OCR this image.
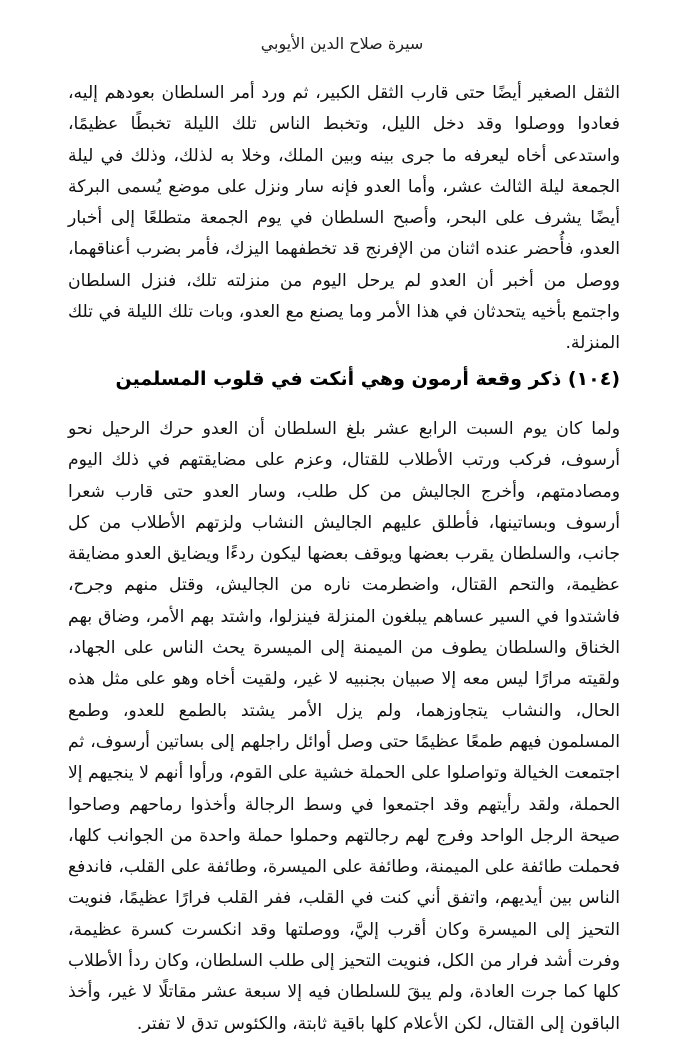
سيرة صلاح الدين الأيوبي

الثقل الصغير أيضًا حتى قارب الثقل الكبير، ثم ورد أمر السلطان بعودهم إليه، فعادوا ووصلوا وقد دخل الليل، وتخبط الناس تلك الليلة تخبطًا عظيمًا، واستدعى أخاه ليعرفه ما جرى بينه وبين الملك، وخلا به لذلك، وذلك في ليلة الجمعة ليلة الثالث عشر، وأما العدو فإنه سار ونزل على موضع يُسمى البركة أيضًا يشرف على البحر، وأصبح السلطان في يوم الجمعة متطلعًا إلى أخبار العدو، فأُحضر عنده اثنان من الإفرنج قد تخطفهما اليزك، فأمر بضرب أعناقهما، ووصل من أخبر أن العدو لم يرحل اليوم من منزلته تلك، فنزل السلطان واجتمع بأخيه يتحدثان في هذا الأمر وما يصنع مع العدو، وبات تلك الليلة في تلك المنزلة.

(١٠٤) ذكر وقعة أرمون وهي أنكت في قلوب المسلمين

ولما كان يوم السبت الرابع عشر بلغ السلطان أن العدو حرك الرحيل نحو أرسوف، فركب ورتب الأطلاب للقتال، وعزم على مضايقتهم في ذلك اليوم ومصادمتهم، وأخرج الجاليش من كل طلب، وسار العدو حتى قارب شعرا أرسوف وبساتينها، فأطلق عليهم الجاليش النشاب ولزتهم الأطلاب من كل جانب، والسلطان يقرب بعضها ويوقف بعضها ليكون ردءًا ويضايق العدو مضايقة عظيمة، والتحم القتال، واضطرمت ناره من الجاليش، وقتل منهم وجرح، فاشتدوا في السير عساهم يبلغون المنزلة فينزلوا، واشتد بهم الأمر، وضاق بهم الخناق والسلطان يطوف من الميمنة إلى الميسرة يحث الناس على الجهاد، ولقيته مرارًا ليس معه إلا صبيان بجنبيه لا غير، ولقيت أخاه وهو على مثل هذه الحال، والنشاب يتجاوزهما، ولم يزل الأمر يشتد بالطمع للعدو، وطمع المسلمون فيهم طمعًا عظيمًا حتى وصل أوائل راجلهم إلى بساتين أرسوف، ثم اجتمعت الخيالة وتواصلوا على الحملة خشية على القوم، ورأوا أنهم لا ينجيهم إلا الحملة، ولقد رأيتهم وقد اجتمعوا في وسط الرجالة وأخذوا رماحهم وصاحوا صيحة الرجل الواحد وفرج لهم رجالتهم وحملوا حملة واحدة من الجوانب كلها، فحملت طائفة على الميمنة، وطائفة على الميسرة، وطائفة على القلب، فاندفع الناس بين أيديهم، واتفق أني كنت في القلب، ففر القلب فرارًا عظيمًا، فنويت التحيز إلى الميسرة وكان أقرب إليَّ، ووصلتها وقد انكسرت كسرة عظيمة، وفرت أشد فرار من الكل، فنويت التحيز إلى طلب السلطان، وكان ردأ الأطلاب كلها كما جرت العادة، ولم يبقَ للسلطان فيه إلا سبعة عشر مقاتلًا لا غير، وأخذ الباقون إلى القتال، لكن الأعلام كلها باقية ثابتة، والكئوس تدق لا تفتر.
